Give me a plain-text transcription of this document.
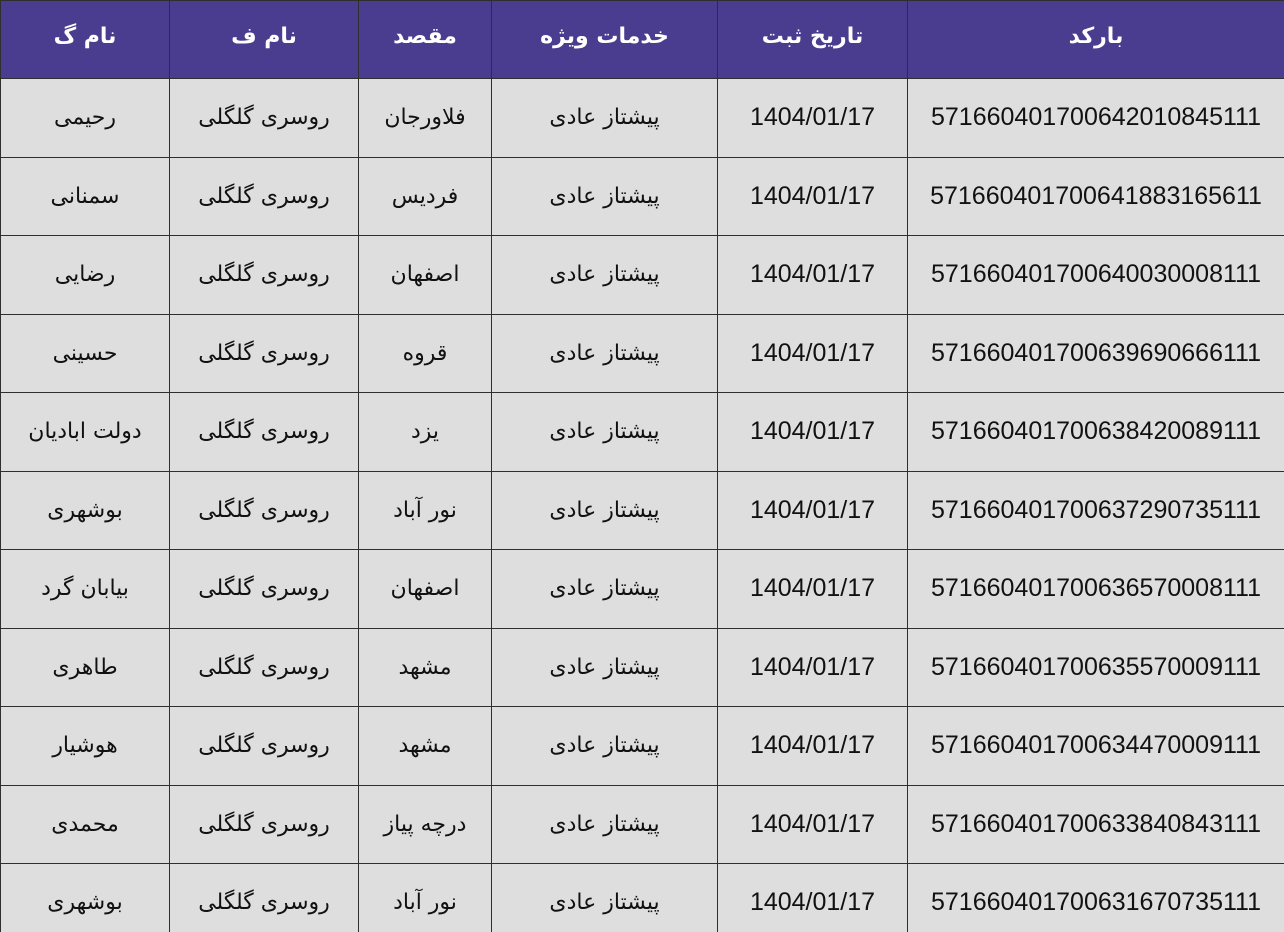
بارکد	تاریخ ثبت	خدمات ویژه	مقصد	نام ف	نام گ
571660401700642010845111	1404/01/17	پیشتاز عادی	فلاورجان	روسری گلگلی	رحیمی
571660401700641883165611	1404/01/17	پیشتاز عادی	فردیس	روسری گلگلی	سمنانی
571660401700640030008111	1404/01/17	پیشتاز عادی	اصفهان	روسری گلگلی	رضایی
571660401700639690666111	1404/01/17	پیشتاز عادی	قروه	روسری گلگلی	حسینی
571660401700638420089111	1404/01/17	پیشتاز عادی	یزد	روسری گلگلی	دولت ابادیان
571660401700637290735111	1404/01/17	پیشتاز عادی	نور آباد	روسری گلگلی	بوشهری
571660401700636570008111	1404/01/17	پیشتاز عادی	اصفهان	روسری گلگلی	بیابان گرد
571660401700635570009111	1404/01/17	پیشتاز عادی	مشهد	روسری گلگلی	طاهری
571660401700634470009111	1404/01/17	پیشتاز عادی	مشهد	روسری گلگلی	هوشیار
571660401700633840843111	1404/01/17	پیشتاز عادی	درچه پیاز	روسری گلگلی	محمدی
571660401700631670735111	1404/01/17	پیشتاز عادی	نور آباد	روسری گلگلی	بوشهری
